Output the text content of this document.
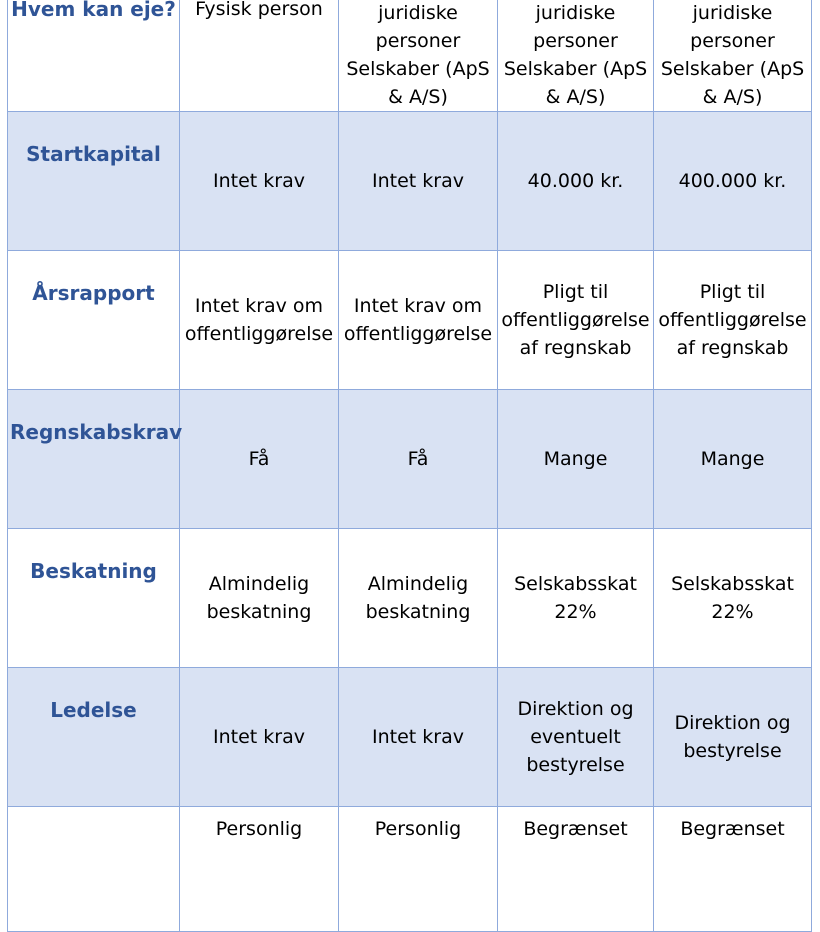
Hvem kan eje?	Fysisk person	juridiske personer Selskaber (ApS & A/S)	juridiske personer Selskaber (ApS & A/S)	juridiske personer Selskaber (ApS & A/S)
Startkapital	Intet krav	Intet krav	40.000 kr.	400.000 kr.
Årsrapport	Intet krav om offentliggørelse	Intet krav om offentliggørelse	Pligt til offentliggørelse af regnskab	Pligt til offentliggørelse af regnskab
Regnskabskrav	Få	Få	Mange	Mange
Beskatning	Almindelig beskatning	Almindelig beskatning	Selskabsskat 22%	Selskabsskat 22%
Ledelse	Intet krav	Intet krav	Direktion og eventuelt bestyrelse	Direktion og bestyrelse
	Personlig	Personlig	Begrænset	Begrænset
